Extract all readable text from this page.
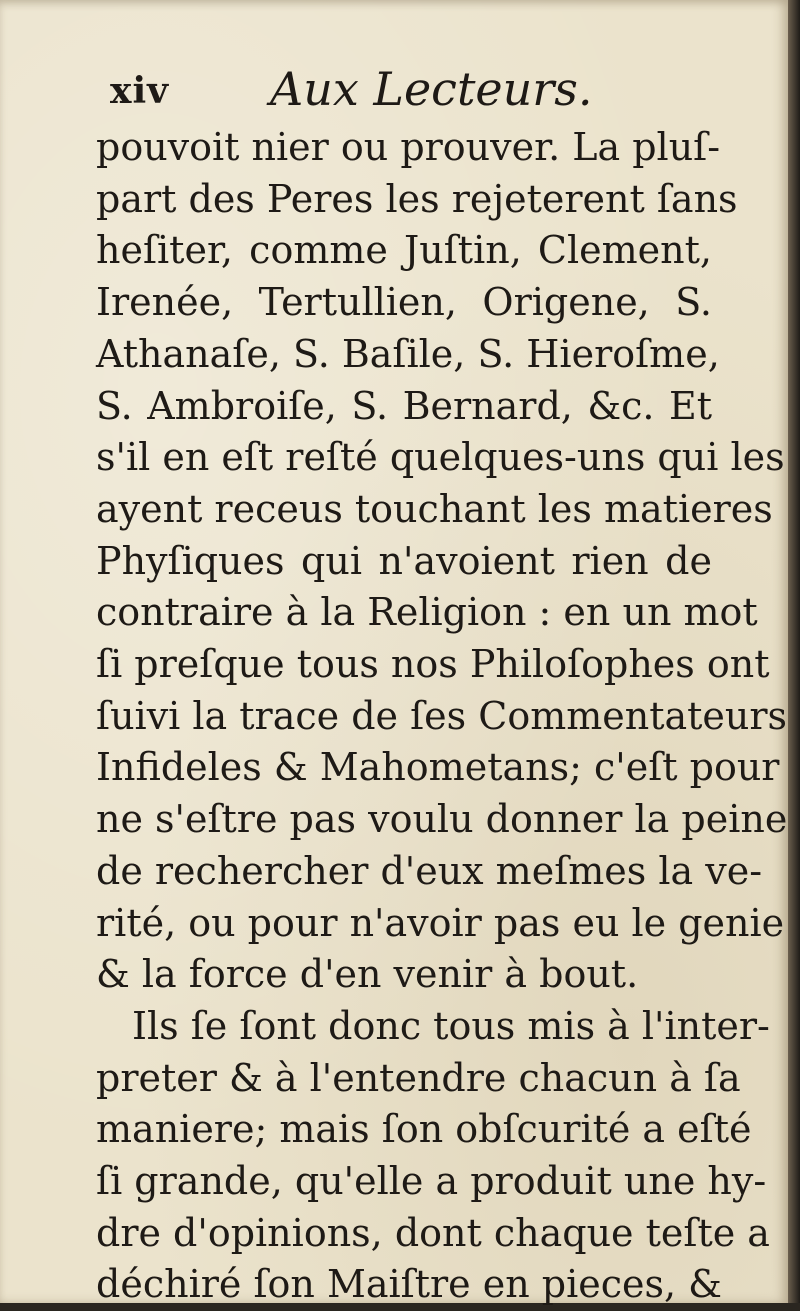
xiv Aux Lecteurs.
pouvoit nier ou prouver. La pluſ-
part des Peres les rejeterent ſans
heſiter, comme Juſtin, Clement,
Irenée, Tertullien, Origene, S.
Athanaſe, S. Baſile, S. Hieroſme,
S. Ambroiſe, S. Bernard, &c. Et
s'il en eſt reſté quelques-uns qui les
ayent receus touchant les matieres
Phyſiques qui n'avoient rien de
contraire à la Religion : en un mot
ſi preſque tous nos Philoſophes ont
ſuivi la trace de ſes Commentateurs
Infideles & Mahometans; c'eſt pour
ne s'eſtre pas voulu donner la peine
de rechercher d'eux meſmes la ve-
rité, ou pour n'avoir pas eu le genie
& la force d'en venir à bout.
Ils ſe ſont donc tous mis à l'inter-
preter & à l'entendre chacun à ſa
maniere; mais ſon obſcurité a eſté
ſi grande, qu'elle a produit une hy-
dre d'opinions, dont chaque teſte a
déchiré ſon Maiſtre en pieces, &
